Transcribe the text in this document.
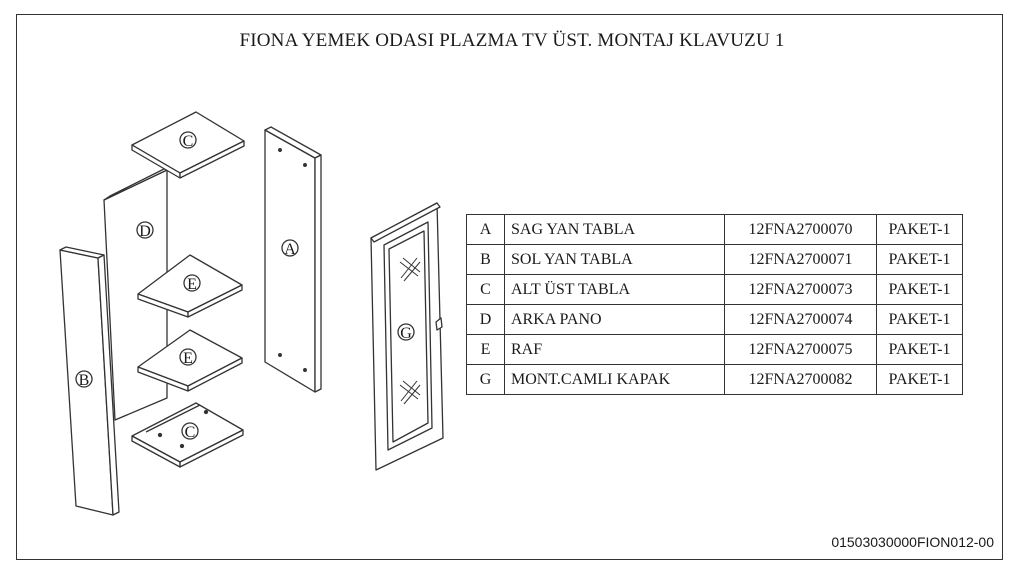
FIONA YEMEK ODASI PLAZMA TV ÜST. MONTAJ KLAVUZU 1
B
D
C
E
E
C
A
G
A	SAG YAN TABLA	12FNA2700070	PAKET-1
B	SOL YAN TABLA	12FNA2700071	PAKET-1
C	ALT ÜST TABLA	12FNA2700073	PAKET-1
D	ARKA PANO	12FNA2700074	PAKET-1
E	RAF	12FNA2700075	PAKET-1
G	MONT.CAMLI KAPAK	12FNA2700082	PAKET-1
01503030000FION012-00
